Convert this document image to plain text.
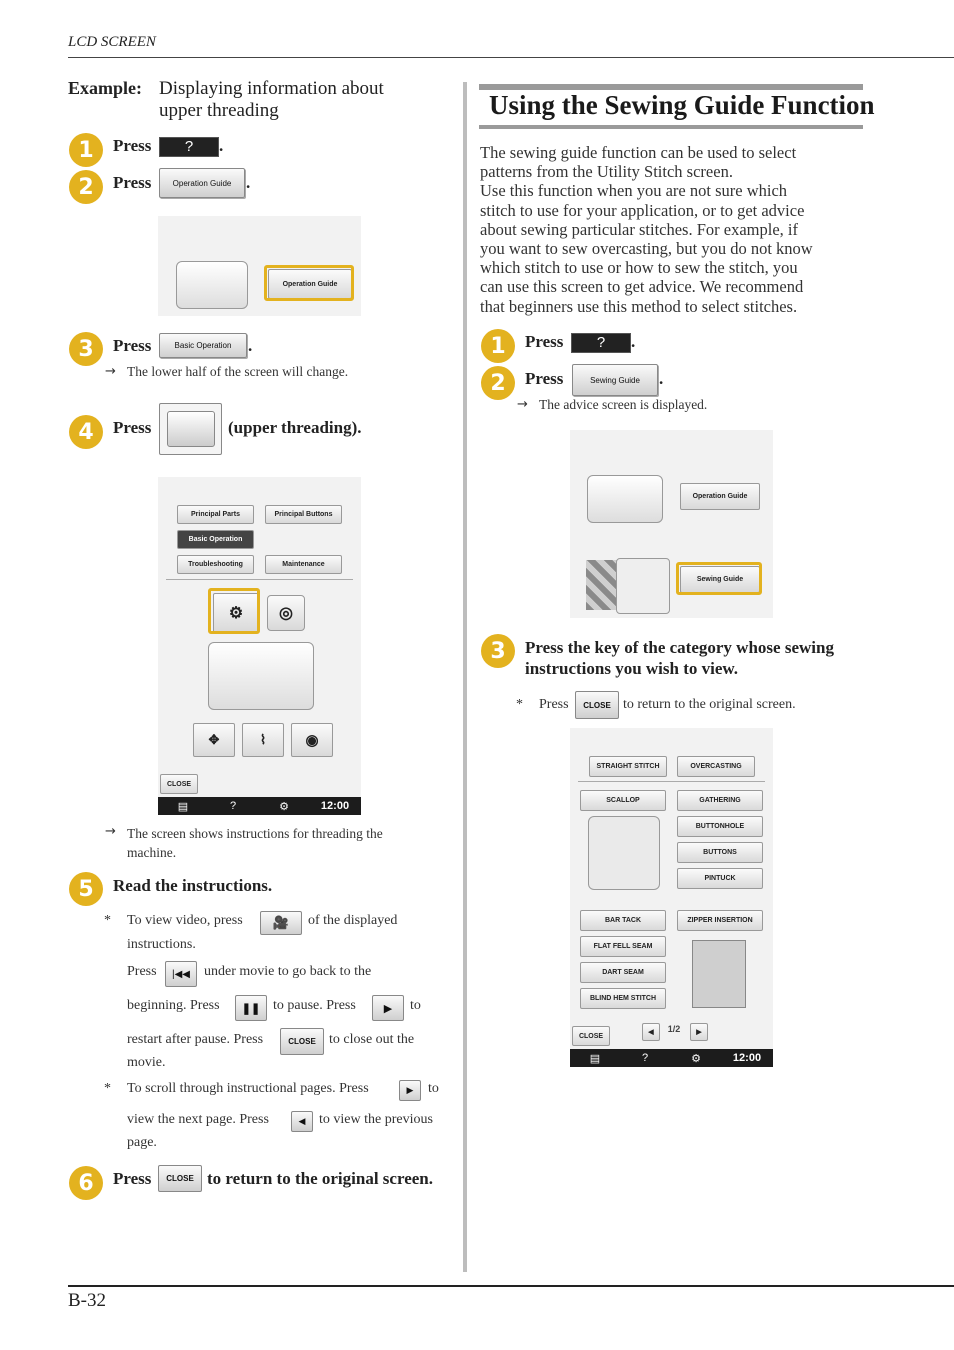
LCD SCREEN
B-32
Example: Displaying information about
upper threading
1	Press	?	.
2	Press	Operation Guide .
Operation Guide
3	Press	Basic Operation .
→ The lower half of the screen will change.
4	Press	(upper threading).
Principal Parts	Principal Buttons
Basic Operation
Troubleshooting	Maintenance
⚙ ◎
✥	⌇	◉
CLOSE
▤	?	⚙	12:00
→ The screen shows instructions for threading the
machine.
5	Read the instructions.
* To view video, press 🎥 of the displayed
instructions.
Press |◀◀ under movie to go back to the
beginning. Press ❚❚ to pause. Press	▶ to
restart after pause. Press	CLOSE to close out the
movie.
* To scroll through instructional pages. Press	▶ to
view the next page. Press	◀ to view the previous
page.
6	Press	CLOSE to return to the original screen.
Using the Sewing Guide Function
The sewing guide function can be used to select
patterns from the Utility Stitch screen.
Use this function when you are not sure which
stitch to use for your application, or to get advice
about sewing particular stitches. For example, if
you want to sew overcasting, but you do not know
which stitch to use or how to sew the stitch, you
can use this screen to get advice. We recommend
that beginners use this method to select stitches.
1	Press	?	.
2	Press	Sewing Guide	.
→ The advice screen is displayed.
Operation Guide
Sewing Guide
3	Press the key of the category whose sewing
instructions you wish to view.
* Press	CLOSE to return to the original screen.
STRAIGHT STITCH	OVERCASTING
SCALLOP	GATHERING
BUTTONHOLE
BUTTONS
PINTUCK
BAR TACK	ZIPPER INSERTION
FLAT FELL SEAM
DART SEAM
BLIND HEM STITCH
CLOSE	◀	1/2	▶
▤	?	⚙	12:00
